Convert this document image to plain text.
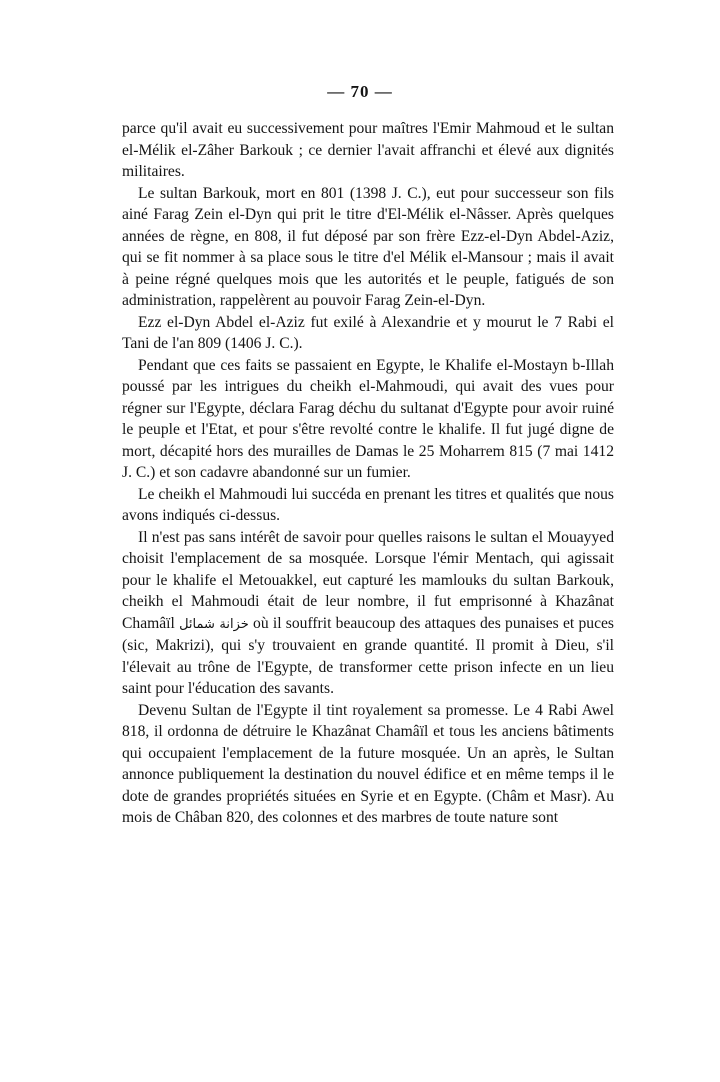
— 70 —

parce qu'il avait eu successivement pour maîtres l'Emir Mahmoud et le sultan el-Mélik el-Zâher Barkouk ; ce dernier l'avait affranchi et élevé aux dignités militaires.

Le sultan Barkouk, mort en 801 (1398 J. C.), eut pour successeur son fils ainé Farag Zein el-Dyn qui prit le titre d'El-Mélik el-Nâsser. Après quelques années de règne, en 808, il fut déposé par son frère Ezz-el-Dyn Abdel-Aziz, qui se fit nommer à sa place sous le titre d'el Mélik el-Mansour ; mais il avait à peine régné quelques mois que les autorités et le peuple, fatigués de son administration, rappelèrent au pouvoir Farag Zein-el-Dyn.

Ezz el-Dyn Abdel el-Aziz fut exilé à Alexandrie et y mourut le 7 Rabi el Tani de l'an 809 (1406 J. C.).

Pendant que ces faits se passaient en Egypte, le Khalife el-Mostayn b-Illah poussé par les intrigues du cheikh el-Mahmoudi, qui avait des vues pour régner sur l'Egypte, déclara Farag déchu du sultanat d'Egypte pour avoir ruiné le peuple et l'Etat, et pour s'être revolté contre le khalife. Il fut jugé digne de mort, décapité hors des murailles de Damas le 25 Moharrem 815 (7 mai 1412 J. C.) et son cadavre abandonné sur un fumier.

Le cheikh el Mahmoudi lui succéda en prenant les titres et qualités que nous avons indiqués ci-dessus.

Il n'est pas sans intérêt de savoir pour quelles raisons le sultan el Mouayyed choisit l'emplacement de sa mosquée. Lorsque l'émir Mentach, qui agissait pour le khalife el Metouakkel, eut capturé les mamlouks du sultan Barkouk, cheikh el Mahmoudi était de leur nombre, il fut emprisonné à Khazânat Chamâïl خزانة شمائل où il souffrit beaucoup des attaques des punaises et puces (sic, Makrizi), qui s'y trouvaient en grande quantité. Il promit à Dieu, s'il l'élevait au trône de l'Egypte, de transformer cette prison infecte en un lieu saint pour l'éducation des savants.

Devenu Sultan de l'Egypte il tint royalement sa promesse. Le 4 Rabi Awel 818, il ordonna de détruire le Khazânat Chamâïl et tous les anciens bâtiments qui occupaient l'emplacement de la future mosquée. Un an après, le Sultan annonce publiquement la destination du nouvel édifice et en même temps il le dote de grandes propriétés situées en Syrie et en Egypte. (Châm et Masr). Au mois de Châban 820, des colonnes et des marbres de toute nature sont
